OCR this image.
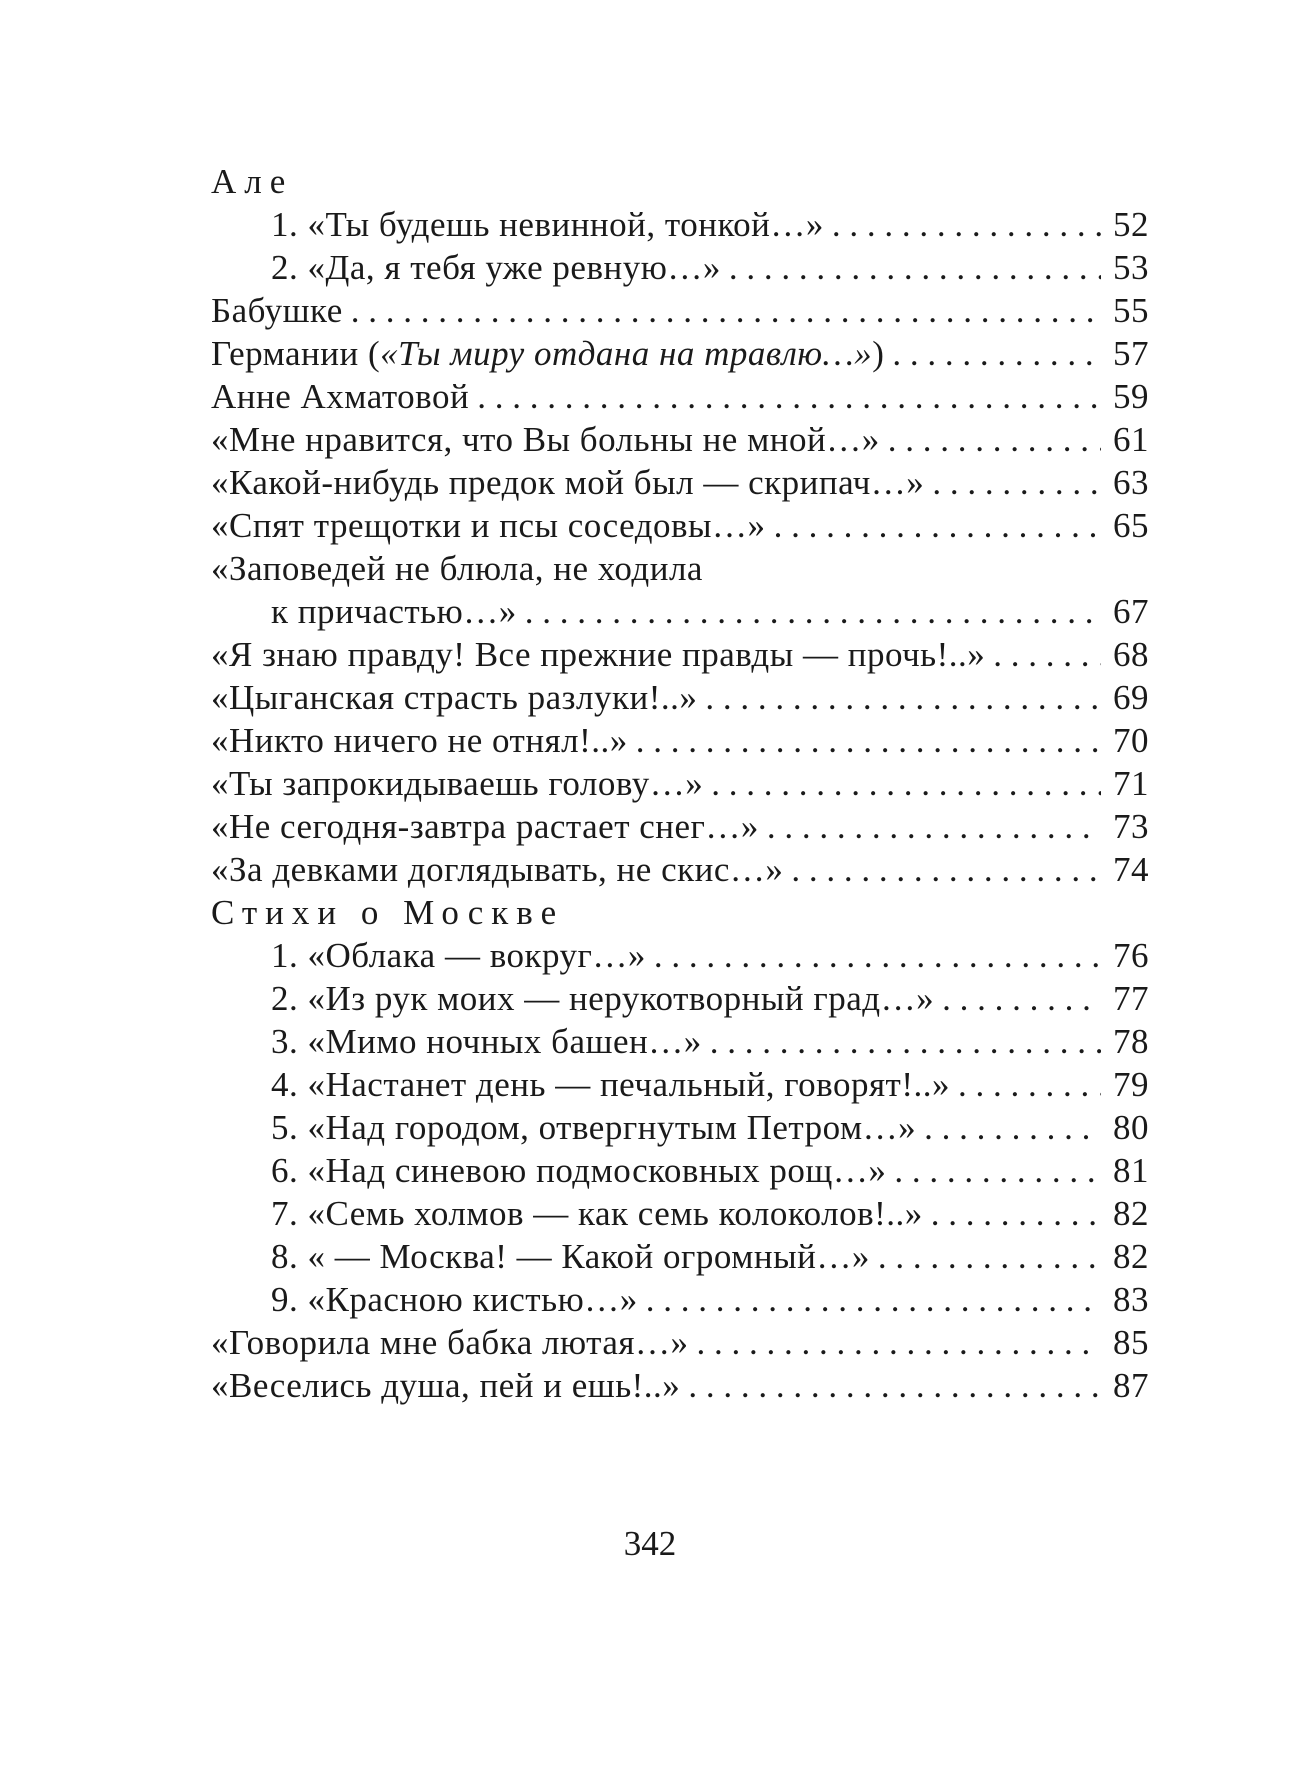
Але
1. «Ты будешь невинной, тонкой…» . . .	52
2. «Да, я тебя уже ревную…» . . .	53
Бабушке . . .	55
Германии («Ты миру отдана на травлю…») . . .	57
Анне Ахматовой . . .	59
«Мне нравится, что Вы больны не мной…» . . .	61
«Какой-нибудь предок мой был — скрипач…» . . .	63
«Спят трещотки и псы соседовы…» . . .	65
«Заповедей не блюла, не ходила
к причастью…» . . .	67
«Я знаю правду! Все прежние правды — прочь!..» . . .	68
«Цыганская страсть разлуки!..» . . .	69
«Никто ничего не отнял!..» . . .	70
«Ты запрокидываешь голову…» . . .	71
«Не сегодня-завтра растает снег…» . . .	73
«За девками доглядывать, не скис…» . . .	74
Стихи о Москве
1. «Облака — вокруг…» . . .	76
2. «Из рук моих — нерукотворный град…» . . .	77
3. «Мимо ночных башен…» . . .	78
4. «Настанет день — печальный, говорят!..» . . .	79
5. «Над городом, отвергнутым Петром…» . . .	80
6. «Над синевою подмосковных рощ…» . . .	81
7. «Семь холмов — как семь колоколов!..» . . .	82
8. « — Москва! — Какой огромный…» . . .	82
9. «Красною кистью…» . . .	83
«Говорила мне бабка лютая…» . . .	85
«Веселись душа, пей и ешь!..» . . .	87
342
